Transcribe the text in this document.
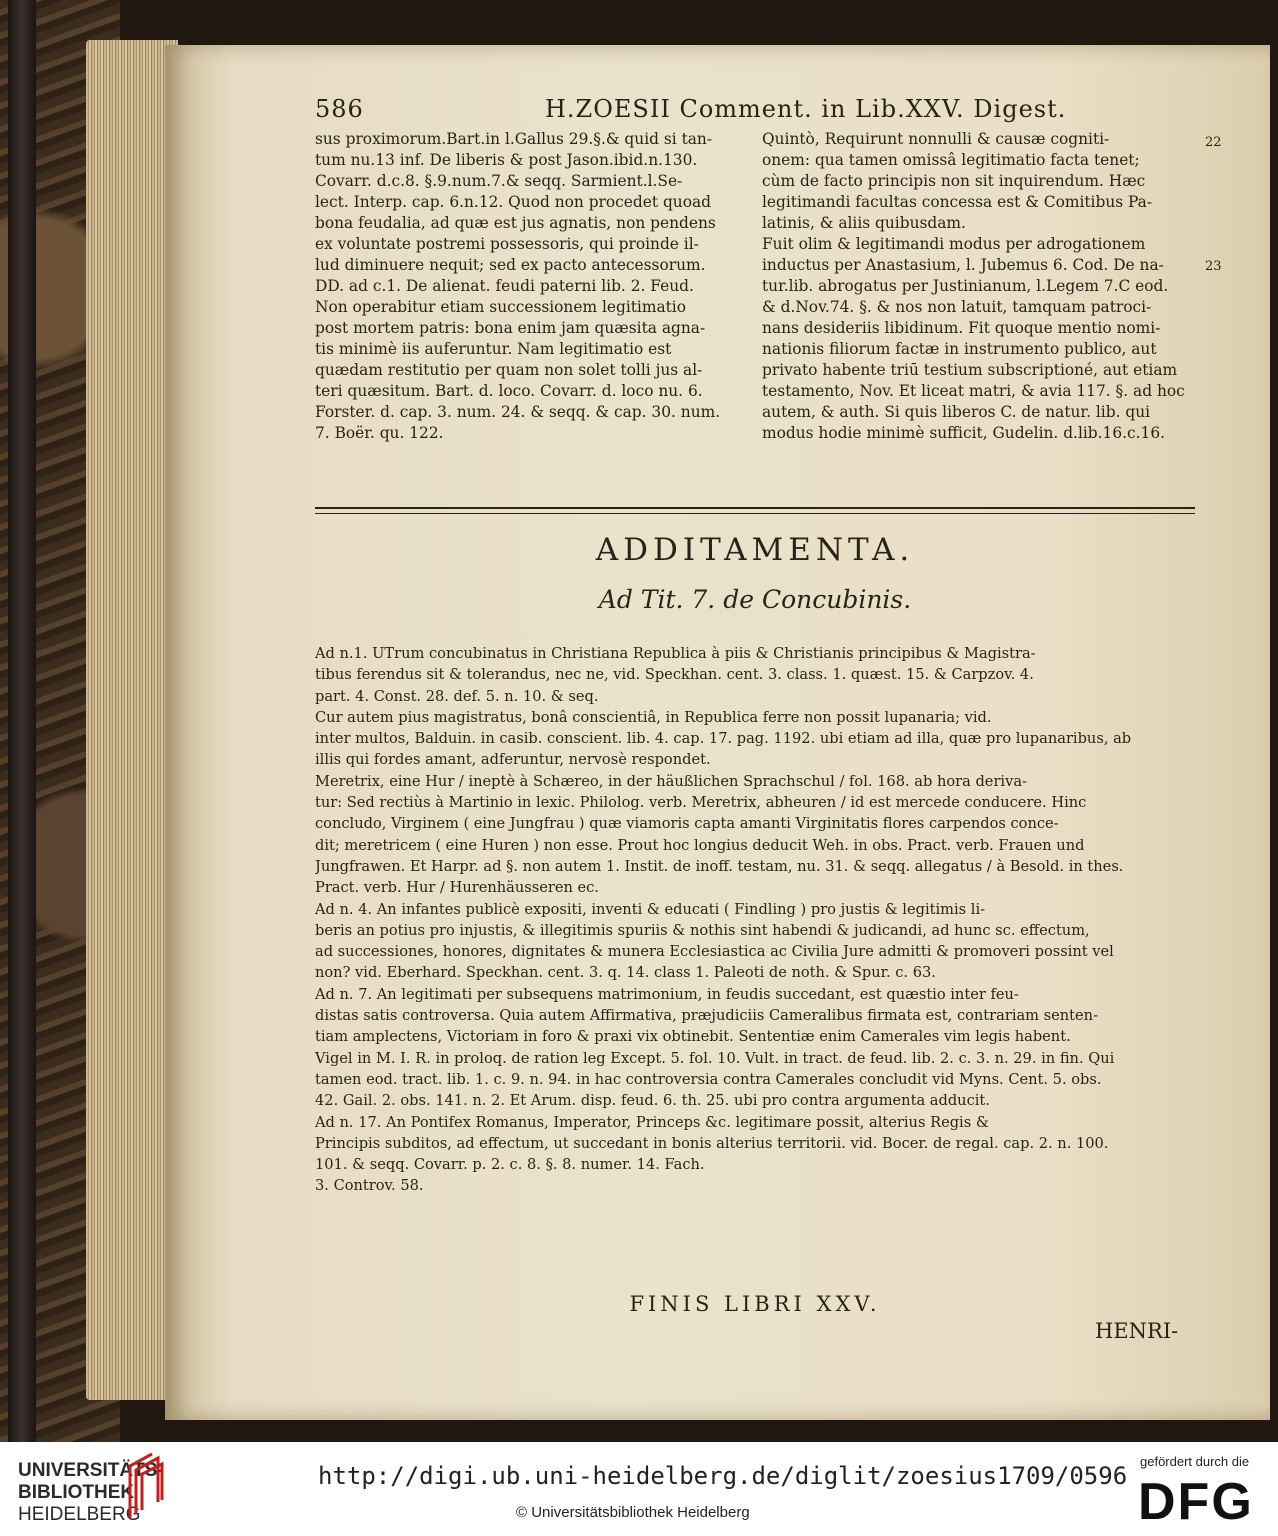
586	H.ZOESII Comment. in Lib.XXV. Digest.
sus proximorum.Bart.in l.Gallus 29.§.& quid si tan-
tum nu.13 inf. De liberis & post Jason.ibid.n.130.
Covarr. d.c.8. §.9.num.7.& seqq. Sarmient.l.Se-
lect. Interp. cap. 6.n.12. Quod non procedet quoad
bona feudalia, ad quæ est jus agnatis, non pendens
ex voluntate postremi possessoris, qui proinde il-
lud diminuere nequit; sed ex pacto antecessorum.
DD. ad c.1. De alienat. feudi paterni lib. 2. Feud.
Non operabitur etiam successionem legitimatio
post mortem patris: bona enim jam quæsita agna-
tis minimè iis auferuntur. Nam legitimatio est
quædam restitutio per quam non solet tolli jus al-
teri quæsitum. Bart. d. loco. Covarr. d. loco nu. 6.
Forster. d. cap. 3. num. 24. & seqq. & cap. 30. num.
7. Boër. qu. 122.
Quintò, Requirunt nonnulli & causæ cogniti-
onem: qua tamen omissâ legitimatio facta tenet;
cùm de facto principis non sit inquirendum. Hæc
legitimandi facultas concessa est & Comitibus Pa-
latinis, & aliis quibusdam.
Fuit olim & legitimandi modus per adrogationem
inductus per Anastasium, l. Jubemus 6. Cod. De na-
tur.lib. abrogatus per Justinianum, l.Legem 7.C eod.
& d.Nov.74. §. & nos non latuit, tamquam patroci-
nans desideriis libidinum. Fit quoque mentio nomi-
nationis filiorum factæ in instrumento publico, aut
privato habente triū testium subscriptioné, aut etiam
testamento, Nov. Et liceat matri, & avia 117. §. ad hoc
autem, & auth. Si quis liberos C. de natur. lib. qui
modus hodie minimè sufficit, Gudelin. d.lib.16.c.16.
22
23
ADDITAMENTA.
Ad Tit. 7. de Concubinis.
Ad n.1. UTrum concubinatus in Christiana Republica à piis & Christianis principibus & Magistra-
tibus ferendus sit & tolerandus, nec ne, vid. Speckhan. cent. 3. class. 1. quæst. 15. & Carpzov. 4.
part. 4. Const. 28. def. 5. n. 10. & seq.
Cur autem pius magistratus, bonâ conscientiâ, in Republica ferre non possit lupanaria; vid.
inter multos, Balduin. in casib. conscient. lib. 4. cap. 17. pag. 1192. ubi etiam ad illa, quæ pro lupanaribus, ab
illis qui fordes amant, adferuntur, nervosè respondet.
Meretrix, eine Hur / ineptè à Schæreo, in der häußlichen Sprachschul / fol. 168. ab hora deriva-
tur: Sed rectiùs à Martinio in lexic. Philolog. verb. Meretrix, abheuren / id est mercede conducere. Hinc
concludo, Virginem ( eine Jungfrau ) quæ viamoris capta amanti Virginitatis flores carpendos conce-
dit; meretricem ( eine Huren ) non esse. Prout hoc longius deducit Weh. in obs. Pract. verb. Frauen und
Jungfrawen. Et Harpr. ad §. non autem 1. Instit. de inoff. testam, nu. 31. & seqq. allegatus / à Besold. in thes.
Pract. verb. Hur / Hurenhäusseren ec.
Ad n. 4. An infantes publicè expositi, inventi & educati ( Findling ) pro justis & legitimis li-
beris an potius pro injustis, & illegitimis spuriis & nothis sint habendi & judicandi, ad hunc sc. effectum,
ad successiones, honores, dignitates & munera Ecclesiastica ac Civilia Jure admitti & promoveri possint vel
non? vid. Eberhard. Speckhan. cent. 3. q. 14. class 1. Paleoti de noth. & Spur. c. 63.
Ad n. 7. An legitimati per subsequens matrimonium, in feudis succedant, est quæstio inter feu-
distas satis controversa. Quia autem Affirmativa, præjudiciis Cameralibus firmata est, contrariam senten-
tiam amplectens, Victoriam in foro & praxi vix obtinebit. Sententiæ enim Camerales vim legis habent.
Vigel in M. I. R. in proloq. de ration leg Except. 5. fol. 10. Vult. in tract. de feud. lib. 2. c. 3. n. 29. in fin. Qui
tamen eod. tract. lib. 1. c. 9. n. 94. in hac controversia contra Camerales concludit vid Myns. Cent. 5. obs.
42. Gail. 2. obs. 141. n. 2. Et Arum. disp. feud. 6. th. 25. ubi pro contra argumenta adducit.
Ad n. 17. An Pontifex Romanus, Imperator, Princeps &c. legitimare possit, alterius Regis &
Principis subditos, ad effectum, ut succedant in bonis alterius territorii. vid. Bocer. de regal. cap. 2. n. 100.
101. & seqq. Covarr. p. 2. c. 8. §. 8. numer. 14. Fach.
3. Controv. 58.
FINIS LIBRI XXV.
HENRI-
UNIVERSITÄTS-
BIBLIOTHEK
HEIDELBERG
http://digi.ub.uni-heidelberg.de/diglit/zoesius1709/0596
© Universitätsbibliothek Heidelberg
gefördert durch die
DFG
